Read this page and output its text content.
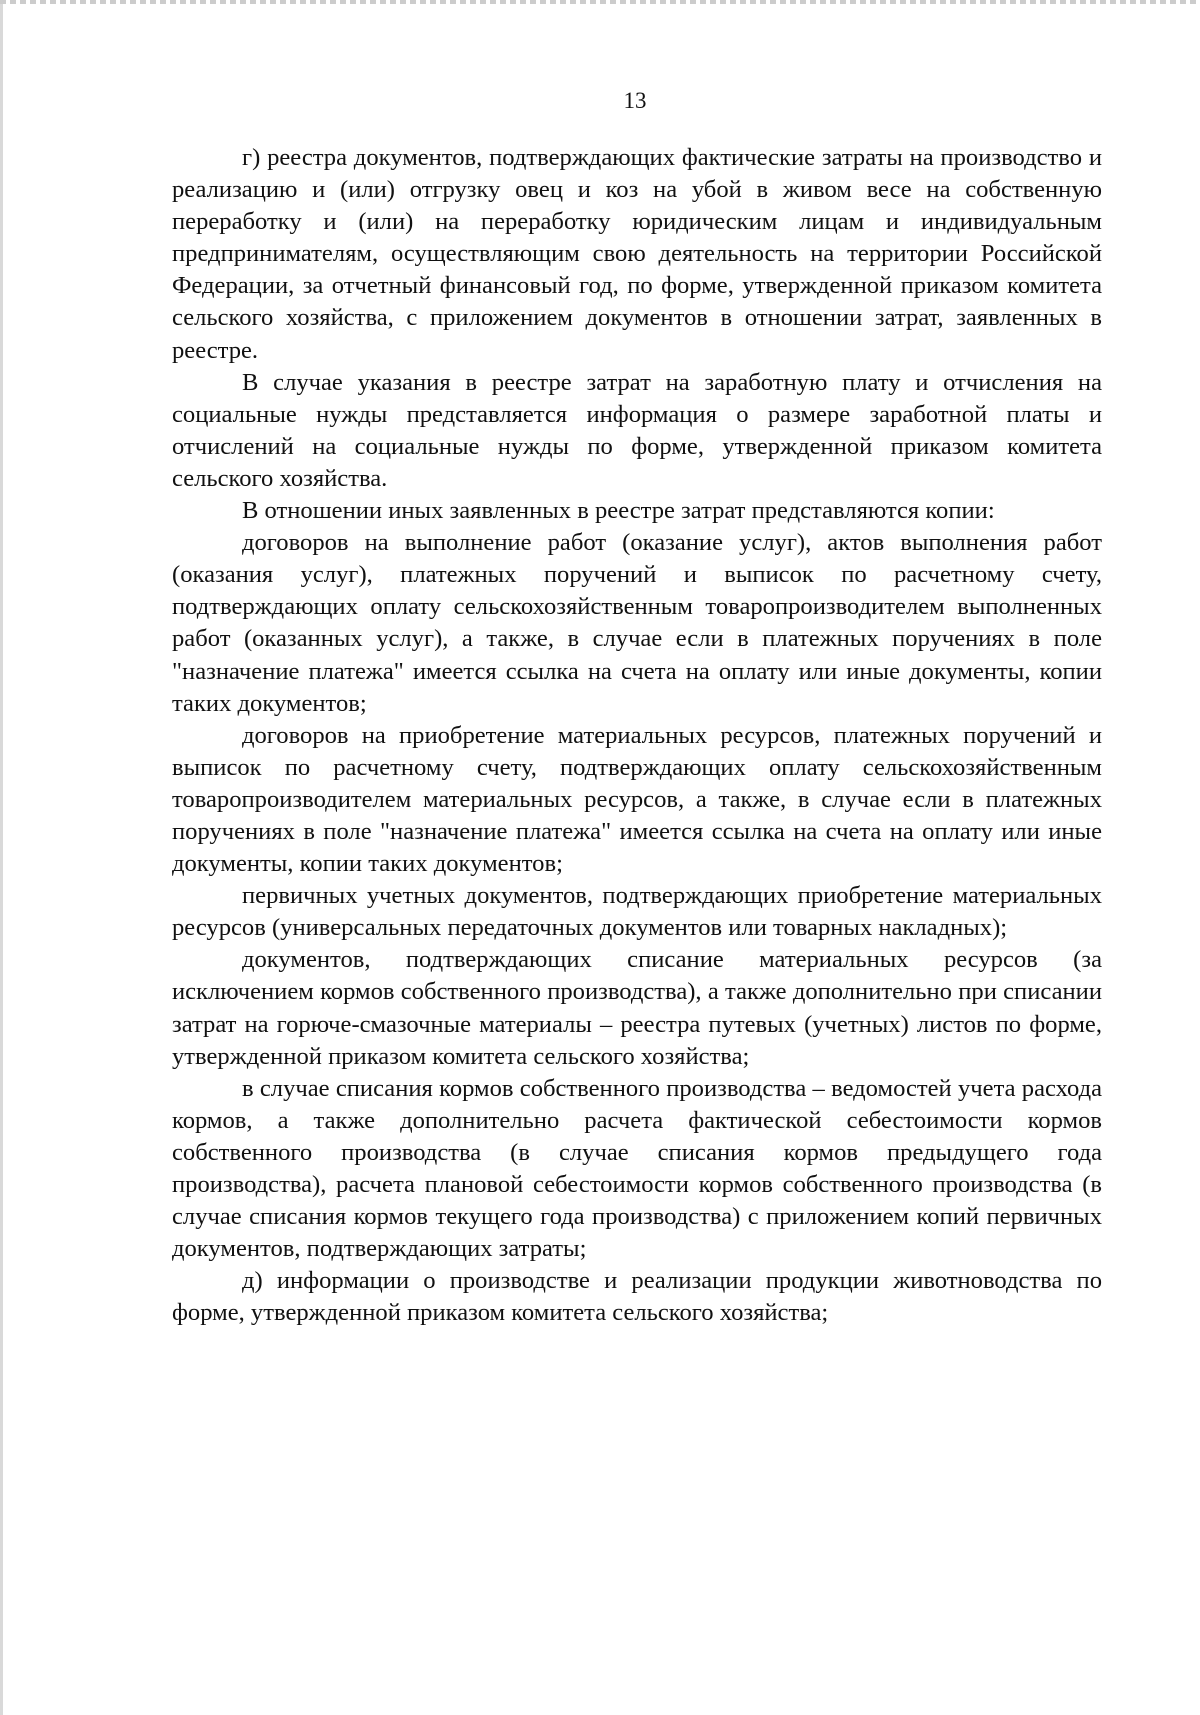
13

г) реестра документов, подтверждающих фактические затраты на производство и реализацию и (или) отгрузку овец и коз на убой в живом весе на собственную переработку и (или) на переработку юридическим лицам и индивидуальным предпринимателям, осуществляющим свою деятельность на территории Российской Федерации, за отчетный финансовый год, по форме, утвержденной приказом комитета сельского хозяйства, с приложением документов в отношении затрат, заявленных в реестре.

В случае указания в реестре затрат на заработную плату и отчисления на социальные нужды представляется информация о размере заработной платы и отчислений на социальные нужды по форме, утвержденной приказом комитета сельского хозяйства.

В отношении иных заявленных в реестре затрат представляются копии:

договоров на выполнение работ (оказание услуг), актов выполнения работ (оказания услуг), платежных поручений и выписок по расчетному счету, подтверждающих оплату сельскохозяйственным товаропроизводителем выполненных работ (оказанных услуг), а также, в случае если в платежных поручениях в поле "назначение платежа" имеется ссылка на счета на оплату или иные документы, копии таких документов;

договоров на приобретение материальных ресурсов, платежных поручений и выписок по расчетному счету, подтверждающих оплату сельскохозяйственным товаропроизводителем материальных ресурсов, а также, в случае если в платежных поручениях в поле "назначение платежа" имеется ссылка на счета на оплату или иные документы, копии таких документов;

первичных учетных документов, подтверждающих приобретение материальных ресурсов (универсальных передаточных документов или товарных накладных);

документов, подтверждающих списание материальных ресурсов (за исключением кормов собственного производства), а также дополнительно при списании затрат на горюче-смазочные материалы – реестра путевых (учетных) листов по форме, утвержденной приказом комитета сельского хозяйства;

в случае списания кормов собственного производства – ведомостей учета расхода кормов, а также дополнительно расчета фактической себестоимости кормов собственного производства (в случае списания кормов предыдущего года производства), расчета плановой себестоимости кормов собственного производства (в случае списания кормов текущего года производства) с приложением копий первичных документов, подтверждающих затраты;

д) информации о производстве и реализации продукции животноводства по форме, утвержденной приказом комитета сельского хозяйства;
